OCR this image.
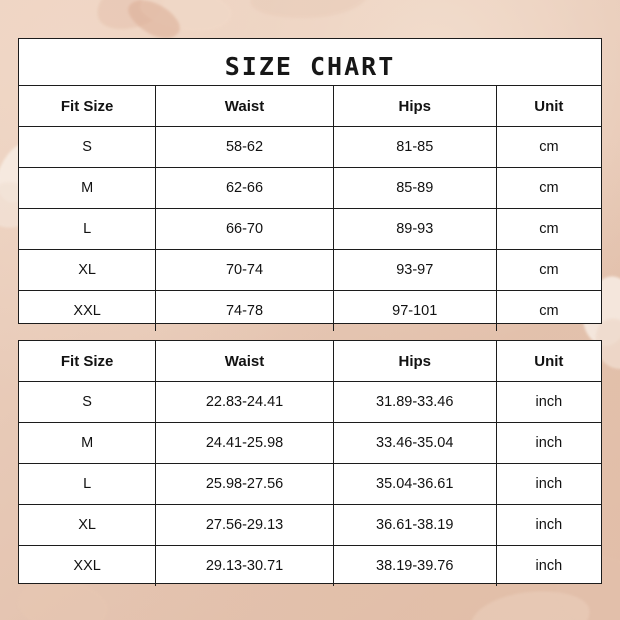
SIZE CHART
Fit Size	Waist	Hips	Unit
S	58-62	81-85	cm
M	62-66	85-89	cm
L	66-70	89-93	cm
XL	70-74	93-97	cm
XXL	74-78	97-101	cm
Fit Size	Waist	Hips	Unit
S	22.83-24.41	31.89-33.46	inch
M	24.41-25.98	33.46-35.04	inch
L	25.98-27.56	35.04-36.61	inch
XL	27.56-29.13	36.61-38.19	inch
XXL	29.13-30.71	38.19-39.76	inch
